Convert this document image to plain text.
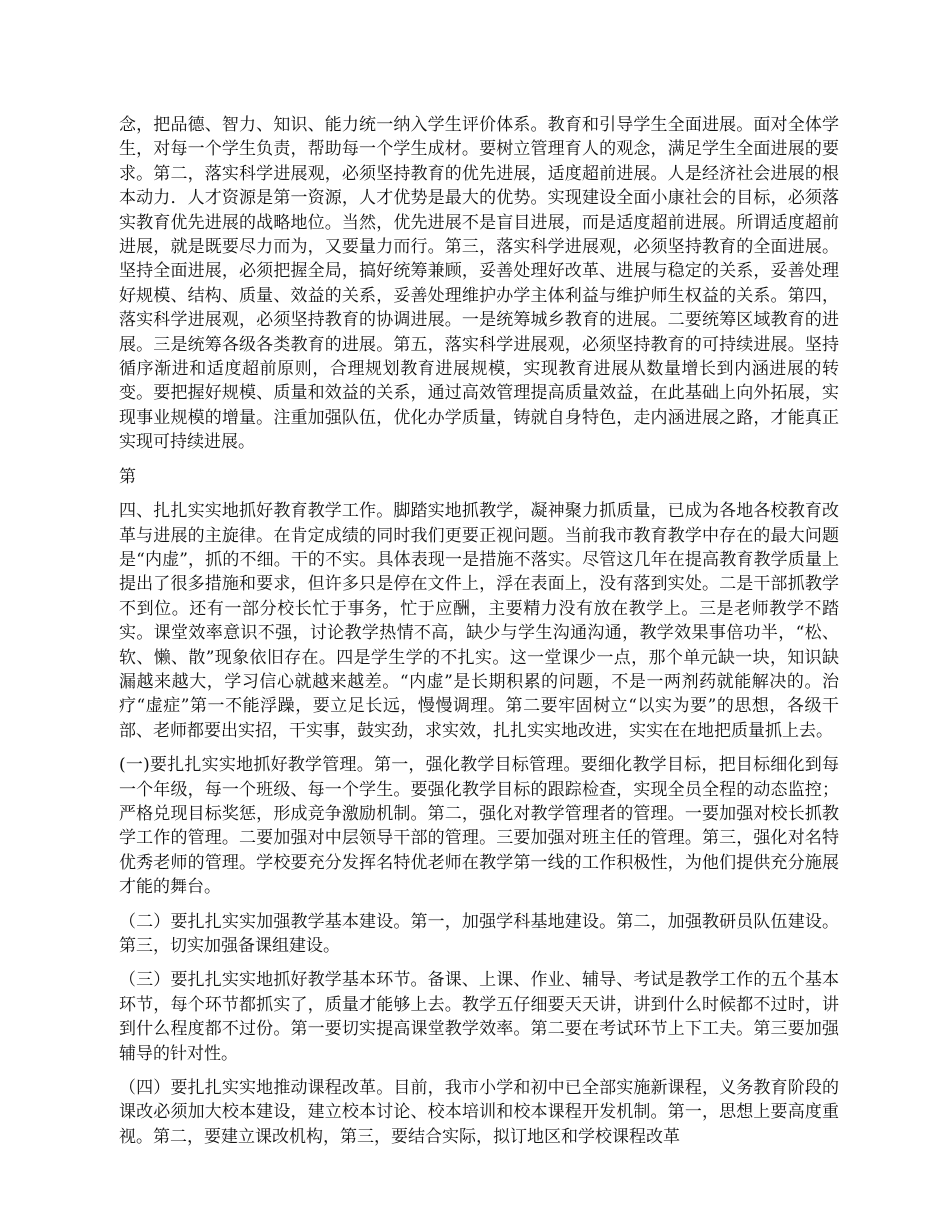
念，把品德、智力、知识、能力统一纳入学生评价体系。教育和引导学生全面进展。面对全体学生，对每一个学生负责，帮助每一个学生成材。要树立管理育人的观念，满足学生全面进展的要求。第二，落实科学进展观，必须坚持教育的优先进展，适度超前进展。人是经济社会进展的根本动力．人才资源是第一资源，人才优势是最大的优势。实现建设全面小康社会的目标，必须落实教育优先进展的战略地位。当然，优先进展不是盲目进展，而是适度超前进展。所谓适度超前进展，就是既要尽力而为，又要量力而行。第三，落实科学进展观，必须坚持教育的全面进展。坚持全面进展，必须把握全局，搞好统筹兼顾，妥善处理好改革、进展与稳定的关系，妥善处理好规模、结构、质量、效益的关系，妥善处理维护办学主体利益与维护师生权益的关系。第四，落实科学进展观，必须坚持教育的协调进展。一是统筹城乡教育的进展。二要统筹区域教育的进展。三是统筹各级各类教育的进展。第五，落实科学进展观，必须坚持教育的可持续进展。坚持循序渐进和适度超前原则，合理规划教育进展规模，实现教育进展从数量增长到内涵进展的转变。要把握好规模、质量和效益的关系，通过高效管理提高质量效益，在此基础上向外拓展，实现事业规模的增量。注重加强队伍，优化办学质量，铸就自身特色，走内涵进展之路，才能真正实现可持续进展。

第

四、扎扎实实地抓好教育教学工作。脚踏实地抓教学，凝神聚力抓质量，已成为各地各校教育改革与进展的主旋律。在肯定成绩的同时我们更要正视问题。当前我市教育教学中存在的最大问题是“内虚”，抓的不细。干的不实。具体表现一是措施不落实。尽管这几年在提高教育教学质量上提出了很多措施和要求，但许多只是停在文件上，浮在表面上，没有落到实处。二是干部抓教学不到位。还有一部分校长忙于事务，忙于应酬，主要精力没有放在教学上。三是老师教学不踏实。课堂效率意识不强，讨论教学热情不高，缺少与学生沟通沟通，教学效果事倍功半，“松、软、懒、散”现象依旧存在。四是学生学的不扎实。这一堂课少一点，那个单元缺一块，知识缺漏越来越大，学习信心就越来越差。“内虚”是长期积累的问题，不是一两剂药就能解决的。治疗“虚症”第一不能浮躁，要立足长远，慢慢调理。第二要牢固树立“以实为要”的思想，各级干部、老师都要出实招，干实事，鼓实劲，求实效，扎扎实实地改进，实实在在地把质量抓上去。

(一)要扎扎实实地抓好教学管理。第一，强化教学目标管理。要细化教学目标，把目标细化到每一个年级，每一个班级、每一个学生。要强化教学目标的跟踪检查，实现全员全程的动态监控；严格兑现目标奖惩，形成竞争激励机制。第二，强化对教学管理者的管理。一要加强对校长抓教学工作的管理。二要加强对中层领导干部的管理。三要加强对班主任的管理。第三，强化对名特优秀老师的管理。学校要充分发挥名特优老师在教学第一线的工作积极性，为他们提供充分施展才能的舞台。

（二）要扎扎实实加强教学基本建设。第一，加强学科基地建设。第二，加强教研员队伍建设。第三，切实加强备课组建设。

（三）要扎扎实实地抓好教学基本环节。备课、上课、作业、辅导、考试是教学工作的五个基本环节，每个环节都抓实了，质量才能够上去。教学五仔细要天天讲，讲到什么时候都不过时，讲到什么程度都不过份。第一要切实提高课堂教学效率。第二要在考试环节上下工夫。第三要加强辅导的针对性。

（四）要扎扎实实地推动课程改革。目前，我市小学和初中已全部实施新课程，义务教育阶段的课改必须加大校本建设，建立校本讨论、校本培训和校本课程开发机制。第一，思想上要高度重视。第二，要建立课改机构，第三，要结合实际，拟订地区和学校课程改革
